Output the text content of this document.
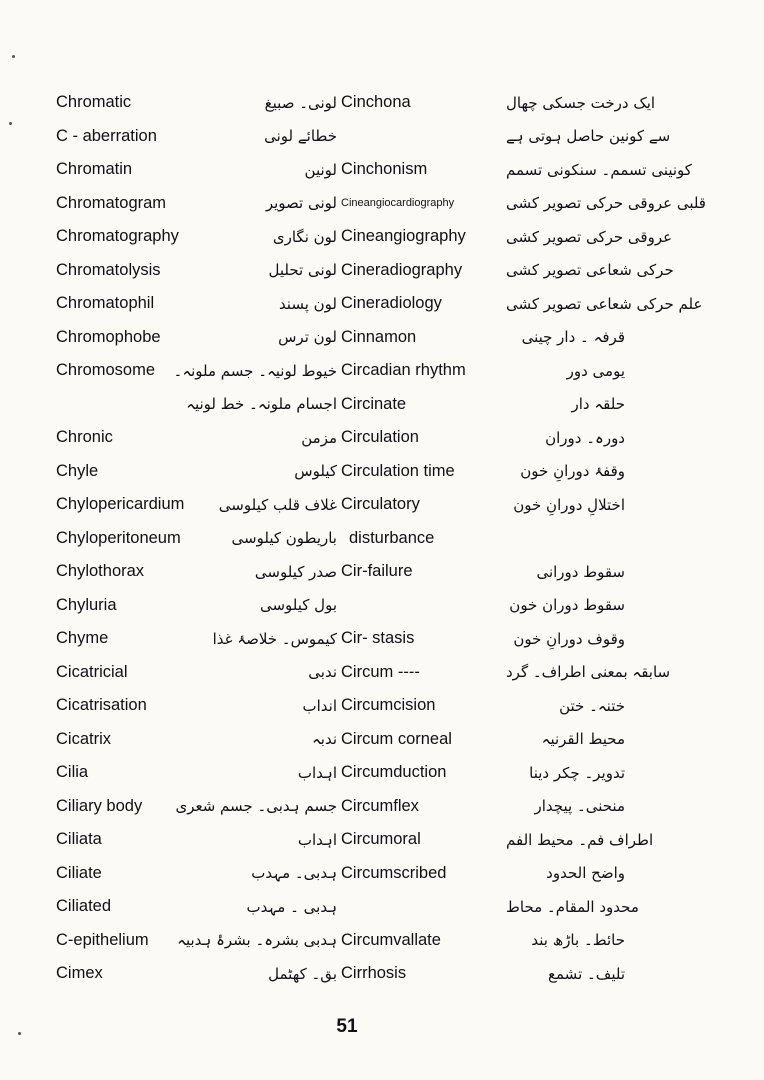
Chromatic	لونی۔ صبیغ Cinchona	ایک درخت جسکی چھال
C - aberration	خطائے لونی	سے کونین حاصل ہوتی ہے
Chromatin	لونین Cinchonism	کونینی تسمم۔ سنکونی تسمم
Chromatogram	لونی تصویر Cineangiocardiography	قلبی عروقی حرکی تصویر کشی
Chromatography	لون نگاری Cineangiography	عروقی حرکی تصویر کشی
Chromatolysis	لونی تحلیل Cineradiography	حرکی شعاعی تصویر کشی
Chromatophil	لون پسند Cineradiology	علم حرکی شعاعی تصویر کشی
Chromophobe	لون ترس Cinnamon	قرفہ ۔ دار چینی
Chromosome	خیوط لونیہ۔ جسم ملونہ۔ Circadian rhythm	یومی دور
اجسام ملونہ۔ خط لونیہ Circinate	حلقہ دار
Chronic	مزمن Circulation	دورہ۔ دوران
Chyle	کیلوس Circulation time	وقفۂ دورانِ خون
Chylopericardium	غلاف قلب کیلوسی Circulatory	اختلالِ دورانِ خون
Chyloperitoneum	باریطون کیلوسی disturbance
Chylothorax	صدر کیلوسی Cir-failure	سقوط دورانی
Chyluria	بول کیلوسی	سقوط دوران خون
Chyme	کیموس۔ خلاصۂ غذا Cir- stasis	وقوف دورانِ خون
Cicatricial	ندبی Circum ----	سابقہ بمعنی اطراف۔ گرد
Cicatrisation	انداب Circumcision	ختنہ۔ ختن
Cicatrix	ندبہ Circum corneal	محیط القرنیہ
Cilia	اہداب Circumduction	تدویر۔ چکر دینا
Ciliary body	جسم ہدبی۔ جسم شعری Circumflex	منحنی۔ پیچدار
Ciliata	اہداب Circumoral	اطراف فم۔ محیط الفم
Ciliate	ہدبی۔ مہدب Circumscribed	واضح الحدود
Ciliated	ہدبی ۔ مہدب	محدود المقام۔ محاط
C-epithelium	ہدبی بشرہ۔ بشرۂ ہدبیہ Circumvallate	حائط۔ باڑھ بند
Cimex	بق۔ کھٹمل Cirrhosis	تلیف۔ تشمع
51
